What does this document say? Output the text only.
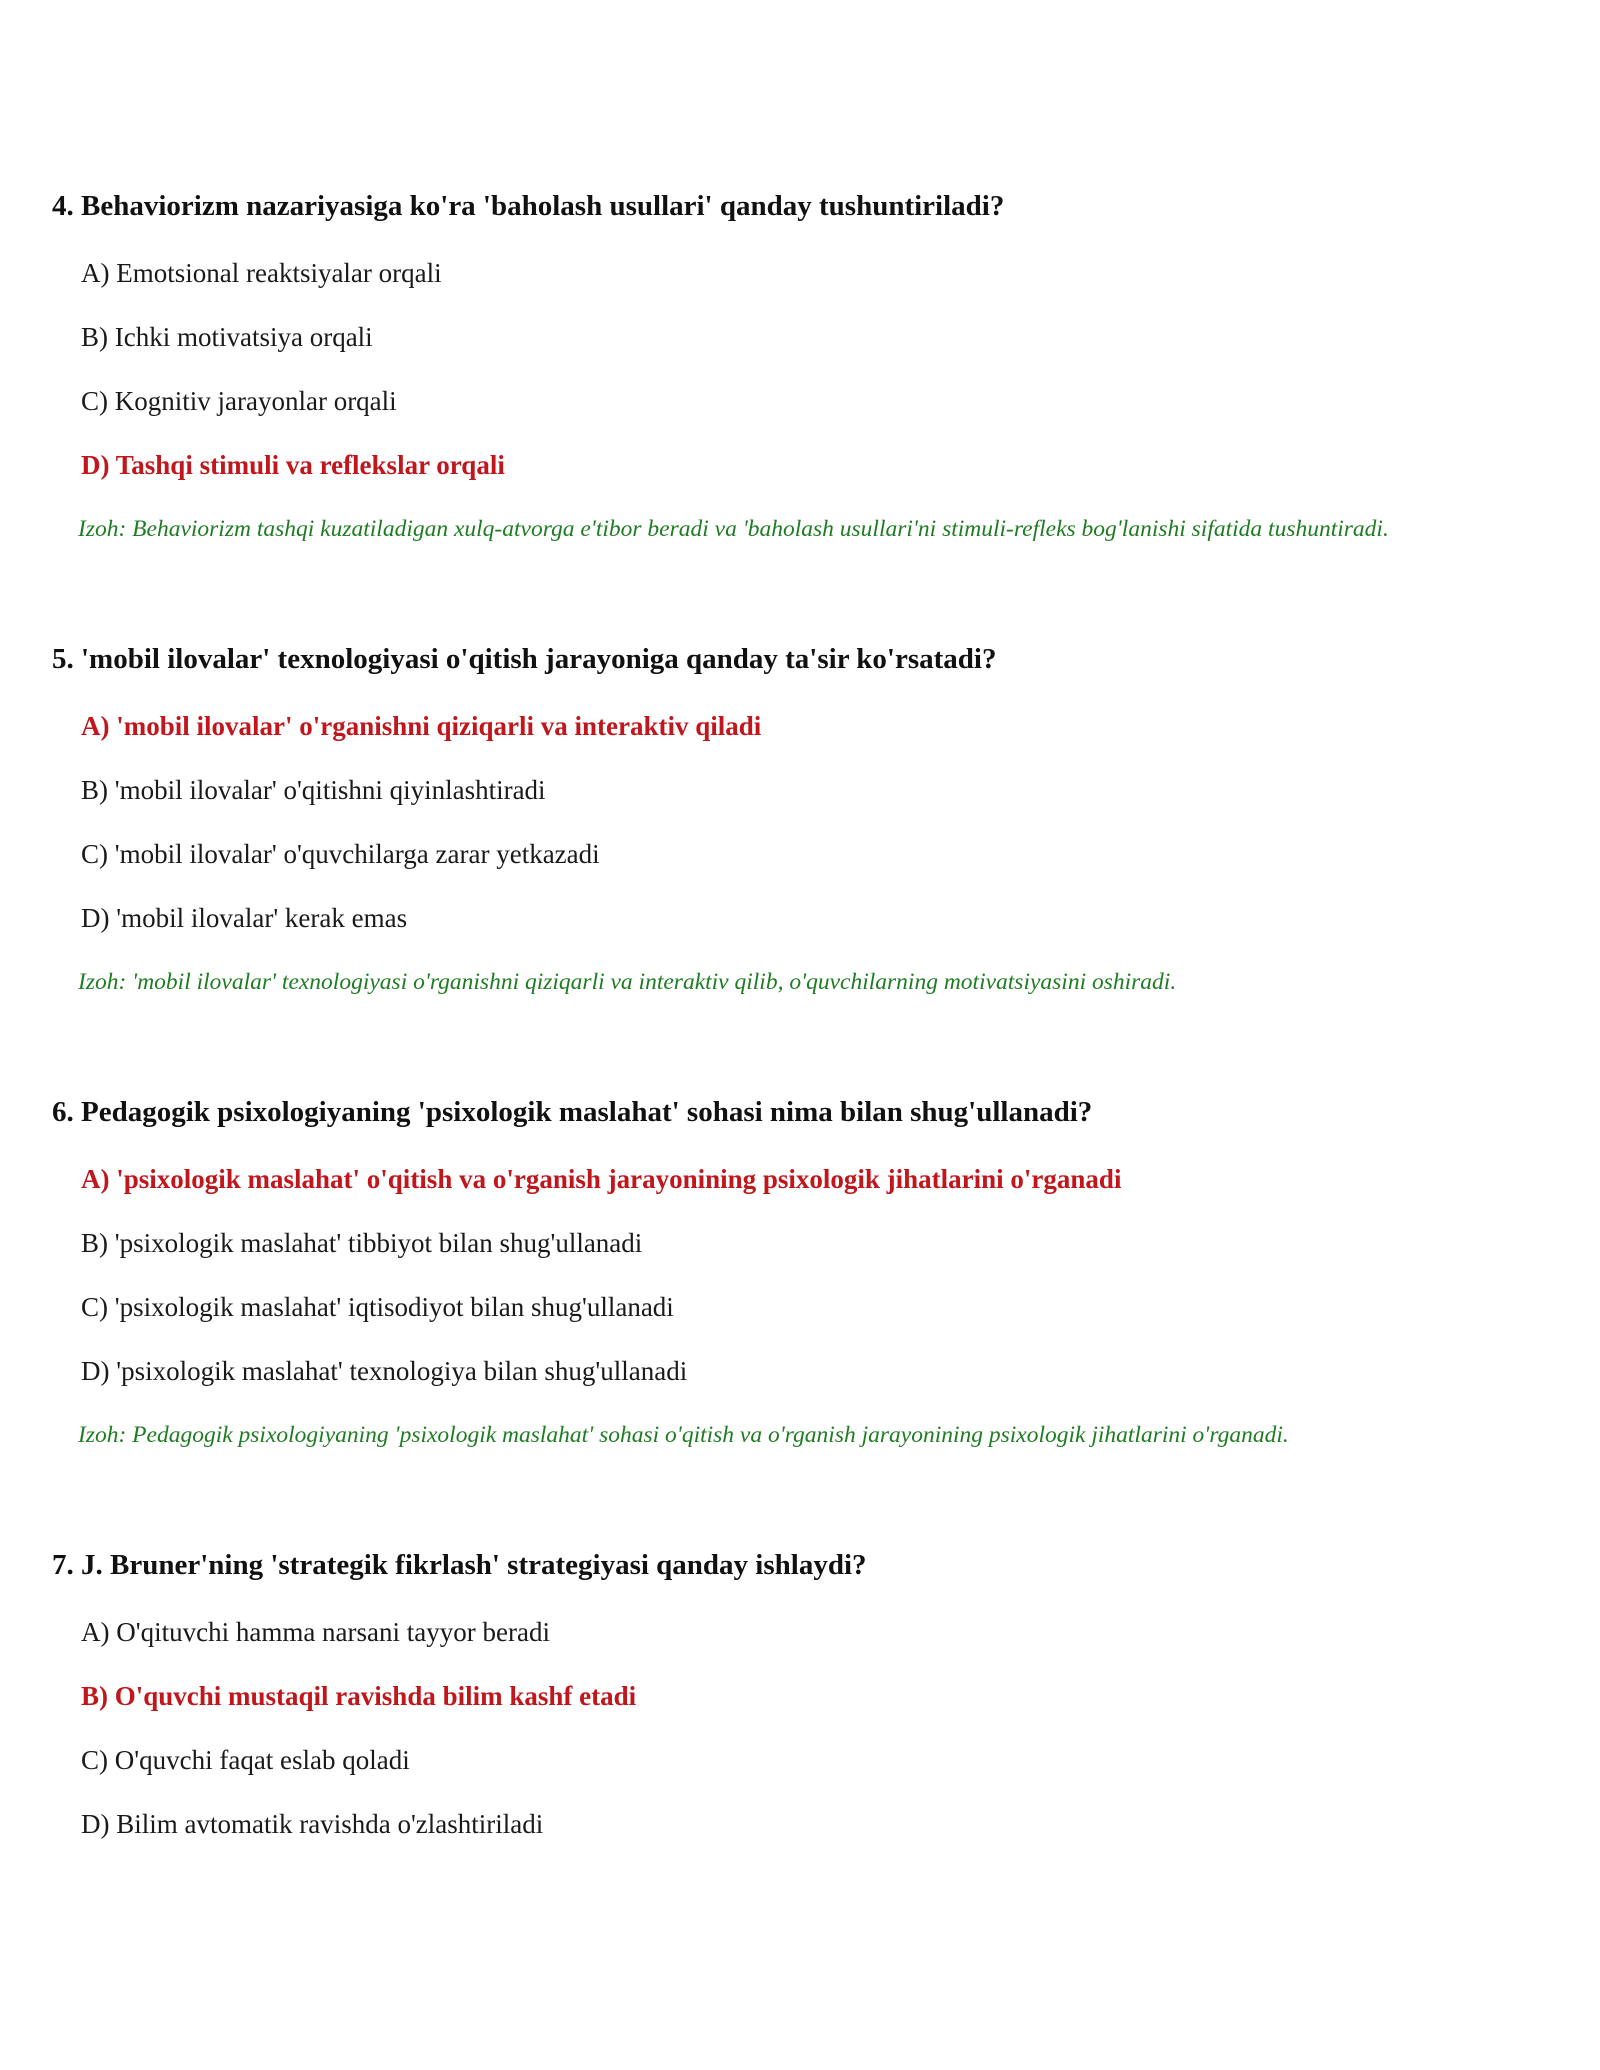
4. Behaviorizm nazariyasiga ko'ra 'baholash usullari' qanday tushuntiriladi?

A) Emotsional reaktsiyalar orqali

B) Ichki motivatsiya orqali

C) Kognitiv jarayonlar orqali

D) Tashqi stimuli va reflekslar orqali

Izoh: Behaviorizm tashqi kuzatiladigan xulq-atvorga e'tibor beradi va 'baholash usullari'ni stimuli-refleks bog'lanishi sifatida tushuntiradi.

5. 'mobil ilovalar' texnologiyasi o'qitish jarayoniga qanday ta'sir ko'rsatadi?

A) 'mobil ilovalar' o'rganishni qiziqarli va interaktiv qiladi

B) 'mobil ilovalar' o'qitishni qiyinlashtiradi

C) 'mobil ilovalar' o'quvchilarga zarar yetkazadi

D) 'mobil ilovalar' kerak emas

Izoh: 'mobil ilovalar' texnologiyasi o'rganishni qiziqarli va interaktiv qilib, o'quvchilarning motivatsiyasini oshiradi.

6. Pedagogik psixologiyaning 'psixologik maslahat' sohasi nima bilan shug'ullanadi?

A) 'psixologik maslahat' o'qitish va o'rganish jarayonining psixologik jihatlarini o'rganadi

B) 'psixologik maslahat' tibbiyot bilan shug'ullanadi

C) 'psixologik maslahat' iqtisodiyot bilan shug'ullanadi

D) 'psixologik maslahat' texnologiya bilan shug'ullanadi

Izoh: Pedagogik psixologiyaning 'psixologik maslahat' sohasi o'qitish va o'rganish jarayonining psixologik jihatlarini o'rganadi.

7. J. Bruner'ning 'strategik fikrlash' strategiyasi qanday ishlaydi?

A) O'qituvchi hamma narsani tayyor beradi

B) O'quvchi mustaqil ravishda bilim kashf etadi

C) O'quvchi faqat eslab qoladi

D) Bilim avtomatik ravishda o'zlashtiriladi
